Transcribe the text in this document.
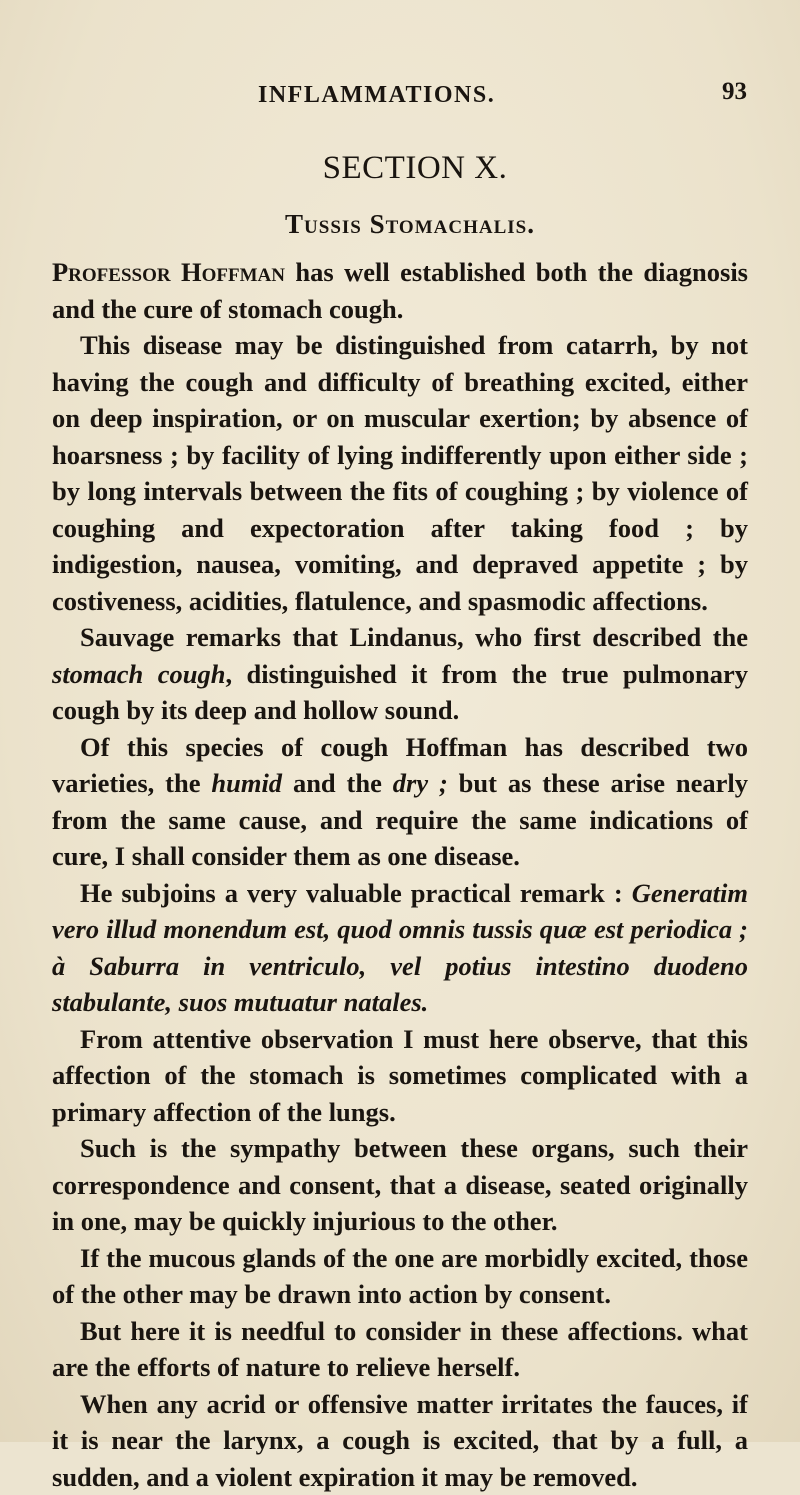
INFLAMMATIONS.	93
SECTION X.
Tussis Stomachalis.

Professor Hoffman has well established both the diagnosis and the cure of stomach cough.

This disease may be distinguished from catarrh, by not having the cough and difficulty of breathing excited, either on deep inspiration, or on muscular exertion; by absence of hoarsness ; by facility of lying indifferently upon either side ; by long intervals between the fits of coughing ; by violence of coughing and expectoration after taking food ; by indigestion, nausea, vomiting, and depraved appetite ; by costiveness, acidities, flatulence, and spasmodic affections.

Sauvage remarks that Lindanus, who first described the stomach cough, distinguished it from the true pulmonary cough by its deep and hollow sound.

Of this species of cough Hoffman has described two varieties, the humid and the dry ; but as these arise nearly from the same cause, and require the same indications of cure, I shall consider them as one disease.

He subjoins a very valuable practical remark : Generatim vero illud monendum est, quod omnis tussis quæ est periodica ; à Saburra in ventriculo, vel potius intestino duodeno stabulante, suos mutuatur natales.

From attentive observation I must here observe, that this affection of the stomach is sometimes complicated with a primary affection of the lungs.

Such is the sympathy between these organs, such their correspondence and consent, that a disease, seated originally in one, may be quickly injurious to the other.

If the mucous glands of the one are morbidly excited, those of the other may be drawn into action by consent.

But here it is needful to consider in these affections. what are the efforts of nature to relieve herself.

When any acrid or offensive matter irritates the fauces, if it is near the larynx, a cough is excited, that by a full, a sudden, and a violent expiration it may be removed.
